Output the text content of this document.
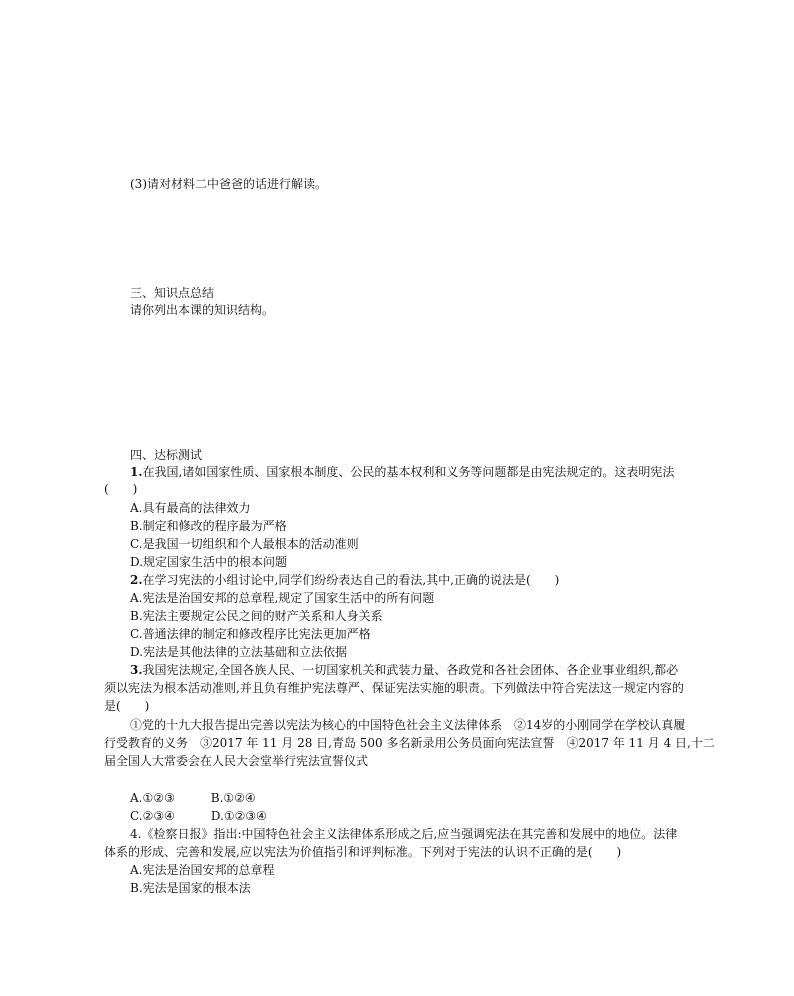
(3)请对材料二中爸爸的话进行解读。
三、知识点总结
请你列出本课的知识结构。
四、达标测试
1.在我国,诸如国家性质、国家根本制度、公民的基本权利和义务等问题都是由宪法规定的。这表明宪法
(　　)
A.具有最高的法律效力
B.制定和修改的程序最为严格
C.是我国一切组织和个人最根本的活动准则
D.规定国家生活中的根本问题
2.在学习宪法的小组讨论中,同学们纷纷表达自己的看法,其中,正确的说法是(　　)
A.宪法是治国安邦的总章程,规定了国家生活中的所有问题
B.宪法主要规定公民之间的财产关系和人身关系
C.普通法律的制定和修改程序比宪法更加严格
D.宪法是其他法律的立法基础和立法依据
3.我国宪法规定,全国各族人民、一切国家机关和武装力量、各政党和各社会团体、各企业事业组织,都必
须以宪法为根本活动准则,并且负有维护宪法尊严、保证宪法实施的职责。下列做法中符合宪法这一规定内容的
是(　　)
①党的十九大报告提出完善以宪法为核心的中国特色社会主义法律体系　②14岁的小刚同学在学校认真履
行受教育的义务　③2017 年 11 月 28 日,青岛 500 多名新录用公务员面向宪法宣誓　④2017 年 11 月 4 日,十二
届全国人大常委会在人民大会堂举行宪法宣誓仪式
A.①②③　　　B.①②④
C.②③④　　　D.①②③④
4.《检察日报》指出:中国特色社会主义法律体系形成之后,应当强调宪法在其完善和发展中的地位。法律
体系的形成、完善和发展,应以宪法为价值指引和评判标准。下列对于宪法的认识不正确的是(　　)
A.宪法是治国安邦的总章程
B.宪法是国家的根本法
